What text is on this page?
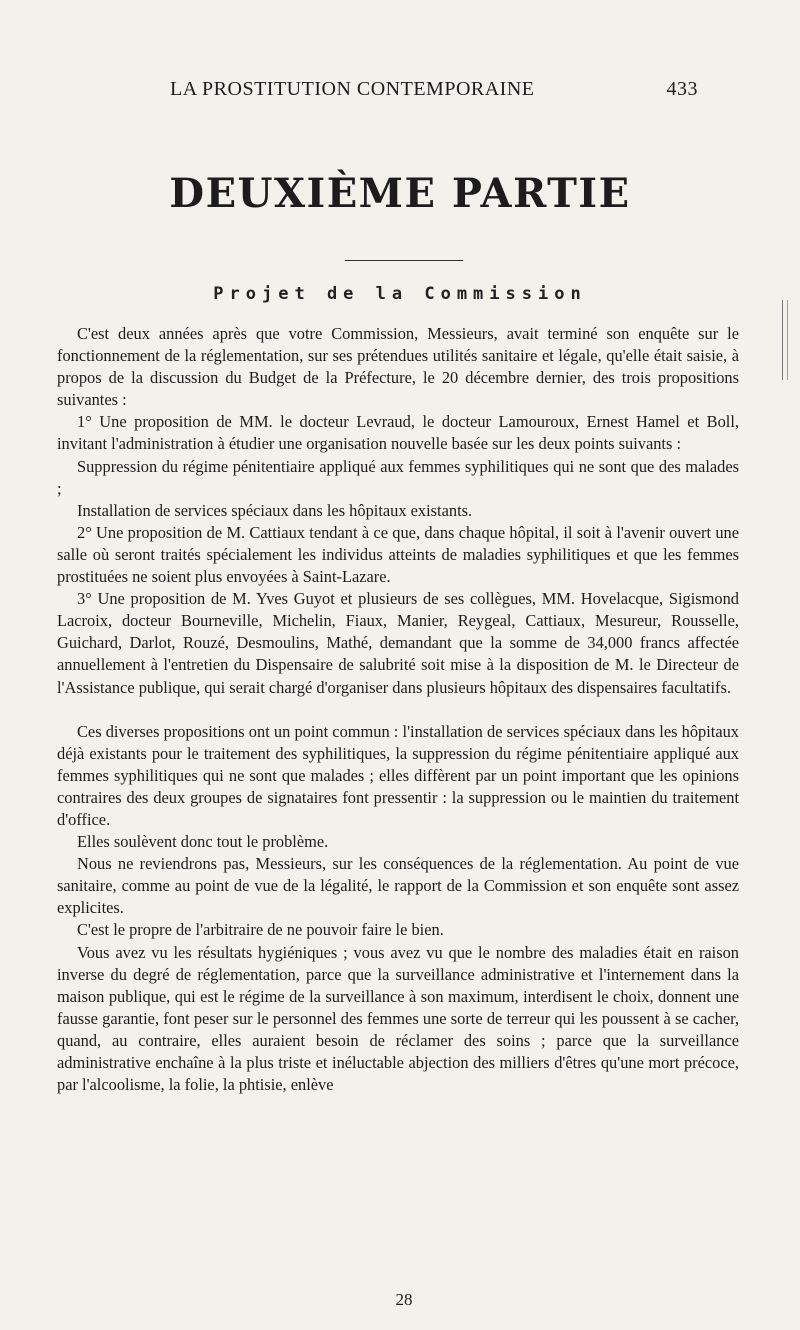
LA PROSTITUTION CONTEMPORAINE	433
DEUXIÈME PARTIE
Projet de la Commission

C'est deux années après que votre Commission, Messieurs, avait terminé son enquête sur le fonctionnement de la réglementation, sur ses prétendues utilités sanitaire et légale, qu'elle était saisie, à propos de la discussion du Budget de la Préfecture, le 20 décembre dernier, des trois propositions suivantes :

1° Une proposition de MM. le docteur Levraud, le docteur Lamouroux, Ernest Hamel et Boll, invitant l'administration à étudier une organisation nouvelle basée sur les deux points suivants :

Suppression du régime pénitentiaire appliqué aux femmes syphilitiques qui ne sont que des malades ;

Installation de services spéciaux dans les hôpitaux existants.

2° Une proposition de M. Cattiaux tendant à ce que, dans chaque hôpital, il soit à l'avenir ouvert une salle où seront traités spécialement les individus atteints de maladies syphilitiques et que les femmes prostituées ne soient plus envoyées à Saint-Lazare.

3° Une proposition de M. Yves Guyot et plusieurs de ses collègues, MM. Hovelacque, Sigismond Lacroix, docteur Bourneville, Michelin, Fiaux, Manier, Reygeal, Cattiaux, Mesureur, Rousselle, Guichard, Darlot, Rouzé, Desmoulins, Mathé, demandant que la somme de 34,000 francs affectée annuellement à l'entretien du Dispensaire de salubrité soit mise à la disposition de M. le Directeur de l'Assistance publique, qui serait chargé d'organiser dans plusieurs hôpitaux des dispensaires facultatifs.

Ces diverses propositions ont un point commun : l'installation de services spéciaux dans les hôpitaux déjà existants pour le traitement des syphilitiques, la suppression du régime pénitentiaire appliqué aux femmes syphilitiques qui ne sont que malades ; elles diffèrent par un point important que les opinions contraires des deux groupes de signataires font pressentir : la suppression ou le maintien du traitement d'office.

Elles soulèvent donc tout le problème.

Nous ne reviendrons pas, Messieurs, sur les conséquences de la réglementation. Au point de vue sanitaire, comme au point de vue de la légalité, le rapport de la Commission et son enquête sont assez explicites.

C'est le propre de l'arbitraire de ne pouvoir faire le bien.

Vous avez vu les résultats hygiéniques ; vous avez vu que le nombre des maladies était en raison inverse du degré de réglementation, parce que la surveillance administrative et l'internement dans la maison publique, qui est le régime de la surveillance à son maximum, interdisent le choix, donnent une fausse garantie, font peser sur le personnel des femmes une sorte de terreur qui les poussent à se cacher, quand, au contraire, elles auraient besoin de réclamer des soins ; parce que la surveillance administrative enchaîne à la plus triste et inéluctable abjection des milliers d'êtres qu'une mort précoce, par l'alcoolisme, la folie, la phtisie, enlève

28
